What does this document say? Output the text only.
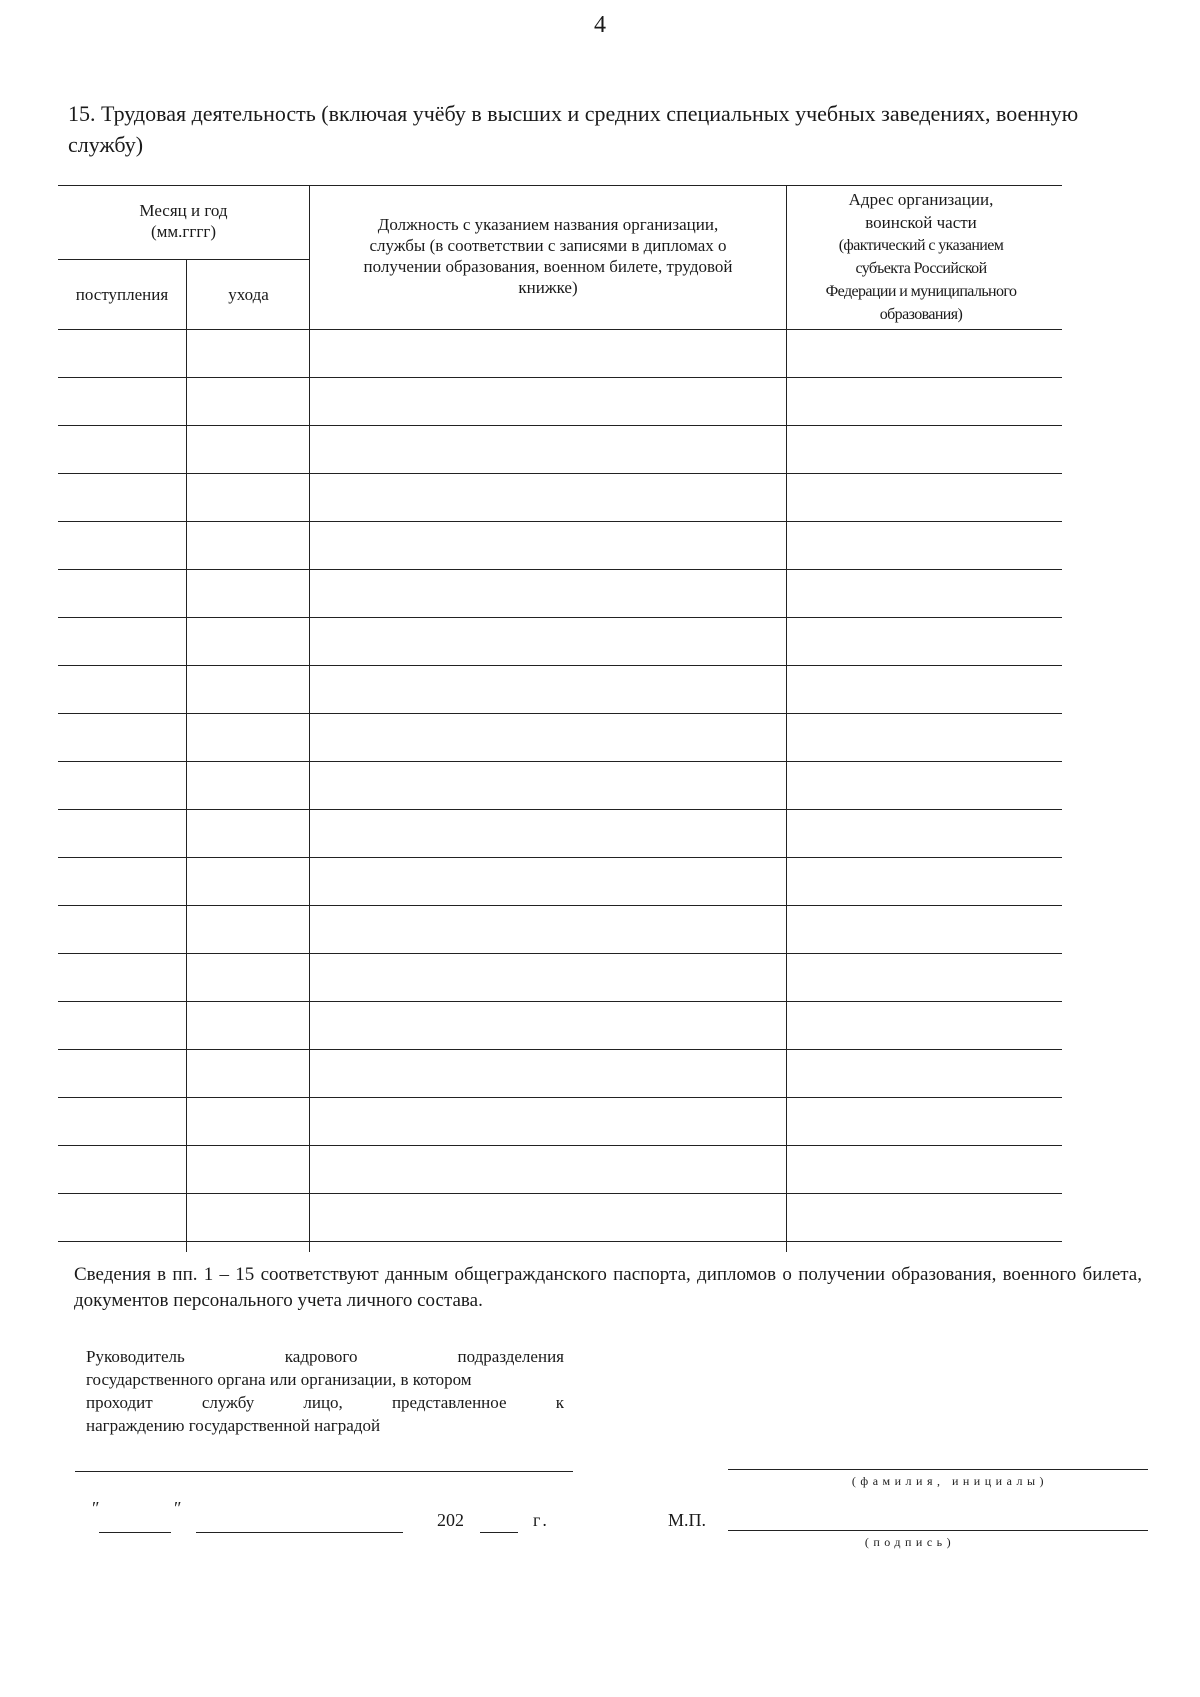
4
15. Трудовая деятельность (включая учёбу в высших и средних специальных учебных заведениях, военную службу)
Месяц и год
(мм.гггг)
поступления	ухода
Должность с указанием названия организации,
службы (в соответствии с записями в дипломах о
получении образования, военном билете, трудовой
книжке)
Адрес организации,
воинской части
(фактический с указанием
субъекта Российской
Федерации и муниципального
образования)
Сведения в пп. 1 – 15 соответствуют данным общегражданского паспорта, дипломов о получении образования, военного билета, документов персонального учета личного состава.
Руководитель	кадрового	подразделения
государственного органа или организации, в котором
проходит	службу	лицо,	представленное	к
награждению государственной наградой
(фамилия, инициалы)
″	″
202	г.	М.П.
(подпись)
